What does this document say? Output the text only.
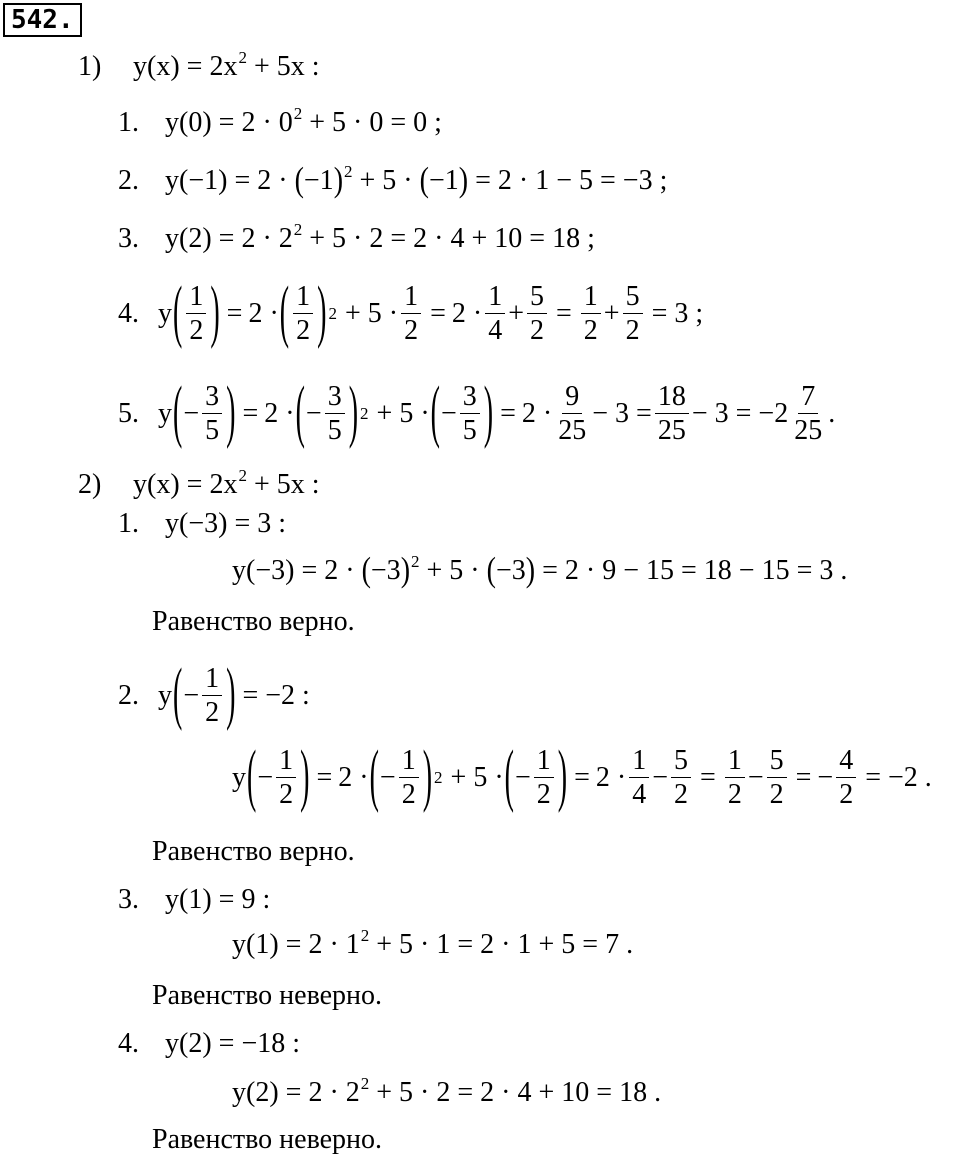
542.
1) $y(x) = 2x^2 + 5x$ :
1. $y(0) = 2 \cdot 0^2 + 5 \cdot 0 = 0$ ;
2. $y(-1) = 2 \cdot (-1)^2 + 5 \cdot (-1) = 2 \cdot 1 - 5 = -3$ ;
3. $y(2) = 2 \cdot 2^2 + 5 \cdot 2 = 2 \cdot 4 + 10 = 18$ ;
4. y ( $\frac{1}{2}$ ) = 2 · ( $\frac{1}{2}$ ) $2 + 5 \cdot \frac{1}{2} = 2 \cdot \frac{1}{4} + \frac{5}{2} = \frac{1}{2} + \frac{5}{2} = 3$ ;
5. y ( − $\frac{3}{5}$ ) = 2 · ( − $\frac{3}{5}$ ) 2 + 5 · ( − $\frac{3}{5}$ ) = $2 \cdot \frac{9}{25} - 3 = \frac{18}{25} - 3 = -2 \frac{7}{25}$ .
2) $y(x) = 2x^2 + 5x$ :
1. y(−3) = 3 :
$y(-3) = 2 \cdot (-3)^2 + 5 \cdot (-3) = 2 \cdot 9 - 15 = 18 - 15 = 3$ .
Равенство верно.
2. y ( − $\frac{1}{2}$ ) = −2 :
y ( − $\frac{1}{2}$ ) = 2 · ( − $\frac{1}{2}$ ) 2 + 5 · ( − $\frac{1}{2}$ ) = $2 \cdot \frac{1}{4} - \frac{5}{2} = \frac{1}{2} - \frac{5}{2}$ = − $\frac{4}{2} = -2$ .
Равенство верно.
3. y(1) = 9 :
$y(1) = 2 \cdot 1^2 + 5 \cdot 1 = 2 \cdot 1 + 5 = 7$ .
Равенство неверно.
4. y(2) = −18 :
$y(2) = 2 \cdot 2^2 + 5 \cdot 2 = 2 \cdot 4 + 10 = 18$ .
Равенство неверно.
